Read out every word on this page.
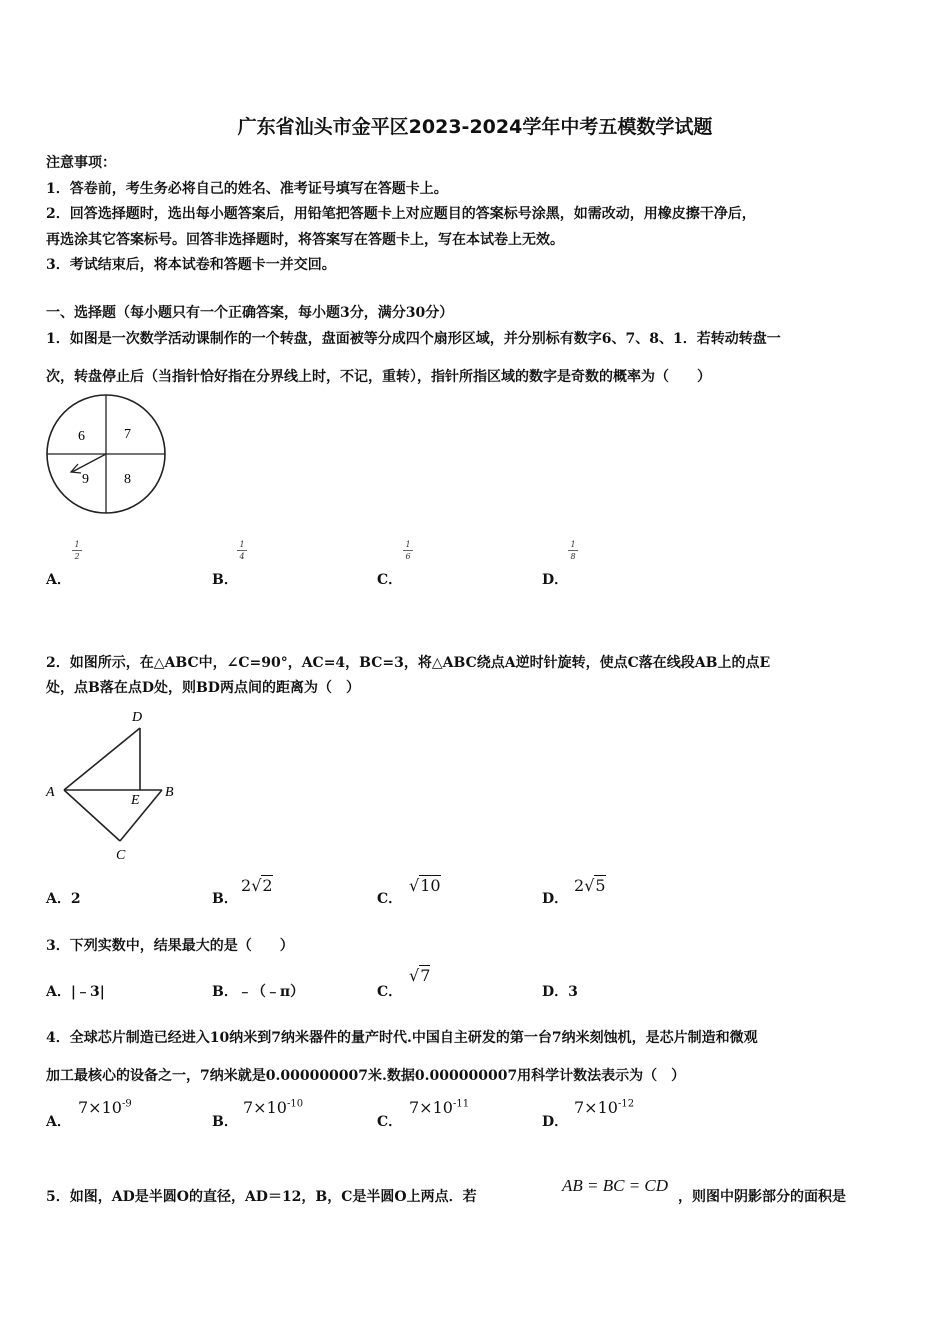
广东省汕头市金平区2023-2024学年中考五模数学试题
注意事项：
1．答卷前，考生务必将自己的姓名、准考证号填写在答题卡上。
2．回答选择题时，选出每小题答案后，用铅笔把答题卡上对应题目的答案标号涂黑，如需改动，用橡皮擦干净后，
再选涂其它答案标号。回答非选择题时，将答案写在答题卡上，写在本试卷上无效。
3．考试结束后，将本试卷和答题卡一并交回。
一、选择题（每小题只有一个正确答案，每小题3分，满分30分）
1．如图是一次数学活动课制作的一个转盘，盘面被等分成四个扇形区域，并分别标有数字6、7、8、1．若转动转盘一
次，转盘停止后（当指针恰好指在分界线上时，不记，重转），指针所指区域的数字是奇数的概率为（　　）
6	7
9	8
1
2
A．
1
4
B．
1
6
C．
1
8
D．
2．如图所示，在△ABC中，∠C=90°，AC=4，BC=3，将△ABC绕点A逆时针旋转，使点C落在线段AB上的点E
处，点B落在点D处，则BD两点间的距离为（　）
D
A
E
B
C
A．2	B．
2√2
C．
√10
D．
2√5
3．下列实数中，结果最大的是（　　）
A．|﹣3|	B．﹣（﹣π）	C．
√7
D．3
4．全球芯片制造已经进入10纳米到7纳米器件的量产时代.中国自主研发的第一台7纳米刻蚀机，是芯片制造和微观
加工最核心的设备之一，7纳米就是0.000000007米.数据0.000000007用科学计数法表示为（　）
A．
$7\times 10^{-9}$
B．
$7\times 10^{-10}$
C．
$7\times 10^{-11}$
D．
$7\times 10^{-12}$
5．如图，AD是半圆O的直径，AD＝12，B，C是半圆O上两点．若
AB = BC = CD
，则图中阴影部分的面积是
